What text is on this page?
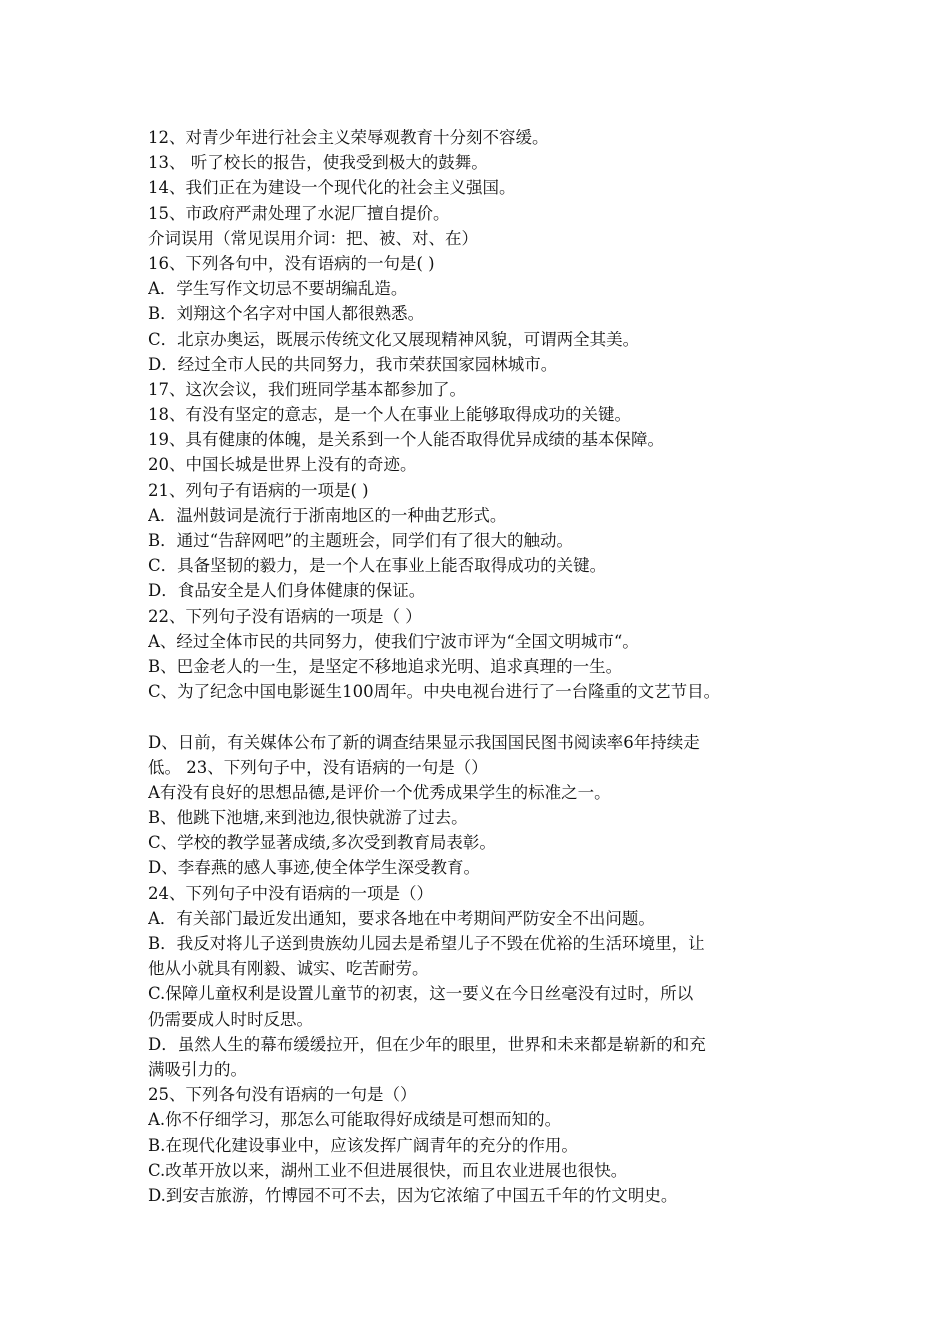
12、对青少年进行社会主义荣辱观教育十分刻不容缓。
13、 听了校长的报告，使我受到极大的鼓舞。
14、我们正在为建设一个现代化的社会主义强国。
15、市政府严肃处理了水泥厂擅自提价。
介词误用（常见误用介词：把、被、对、在）
16、下列各句中，没有语病的一句是( )
A．学生写作文切忌不要胡编乱造。
B．刘翔这个名字对中国人都很熟悉。
C．北京办奥运，既展示传统文化又展现精神风貌，可谓两全其美。
D．经过全市人民的共同努力，我市荣获国家园林城市。
17、这次会议，我们班同学基本都参加了。
18、有没有坚定的意志，是一个人在事业上能够取得成功的关键。
19、具有健康的体魄，是关系到一个人能否取得优异成绩的基本保障。
20、中国长城是世界上没有的奇迹。
21、列句子有语病的一项是( )
A．温州鼓词是流行于浙南地区的一种曲艺形式。
B．通过“告辞网吧”的主题班会，同学们有了很大的触动。
C．具备坚韧的毅力，是一个人在事业上能否取得成功的关键。
D．食品安全是人们身体健康的保证。
22、下列句子没有语病的一项是（ ）
A、经过全体市民的共同努力，使我们宁波市评为“全国文明城市“。
B、巴金老人的一生，是坚定不移地追求光明、追求真理的一生。
C、为了纪念中国电影诞生100周年。中央电视台进行了一台隆重的文艺节目。
D、日前，有关媒体公布了新的调查结果显示我国国民图书阅读率6年持续走
低。 23、下列句子中，没有语病的一句是（）
A有没有良好的思想品德,是评价一个优秀成果学生的标准之一。
B、他跳下池塘,来到池边,很快就游了过去。
C、学校的教学显著成绩,多次受到教育局表彰。
D、李春燕的感人事迹,使全体学生深受教育。
24、下列句子中没有语病的一项是（）
A．有关部门最近发出通知，要求各地在中考期间严防安全不出问题。
B．我反对将儿子送到贵族幼儿园去是希望儿子不毁在优裕的生活环境里，让
他从小就具有刚毅、诚实、吃苦耐劳。
C.保障儿童权利是设置儿童节的初衷，这一要义在今日丝毫没有过时，所以
仍需要成人时时反思。
D．虽然人生的幕布缓缓拉开，但在少年的眼里，世界和未来都是崭新的和充
满吸引力的。
25、下列各句没有语病的一句是（）
A.你不仔细学习，那怎么可能取得好成绩是可想而知的。
B.在现代化建设事业中，应该发挥广阔青年的充分的作用。
C.改革开放以来，湖州工业不但进展很快，而且农业进展也很快。
D.到安吉旅游，竹博园不可不去，因为它浓缩了中国五千年的竹文明史。
